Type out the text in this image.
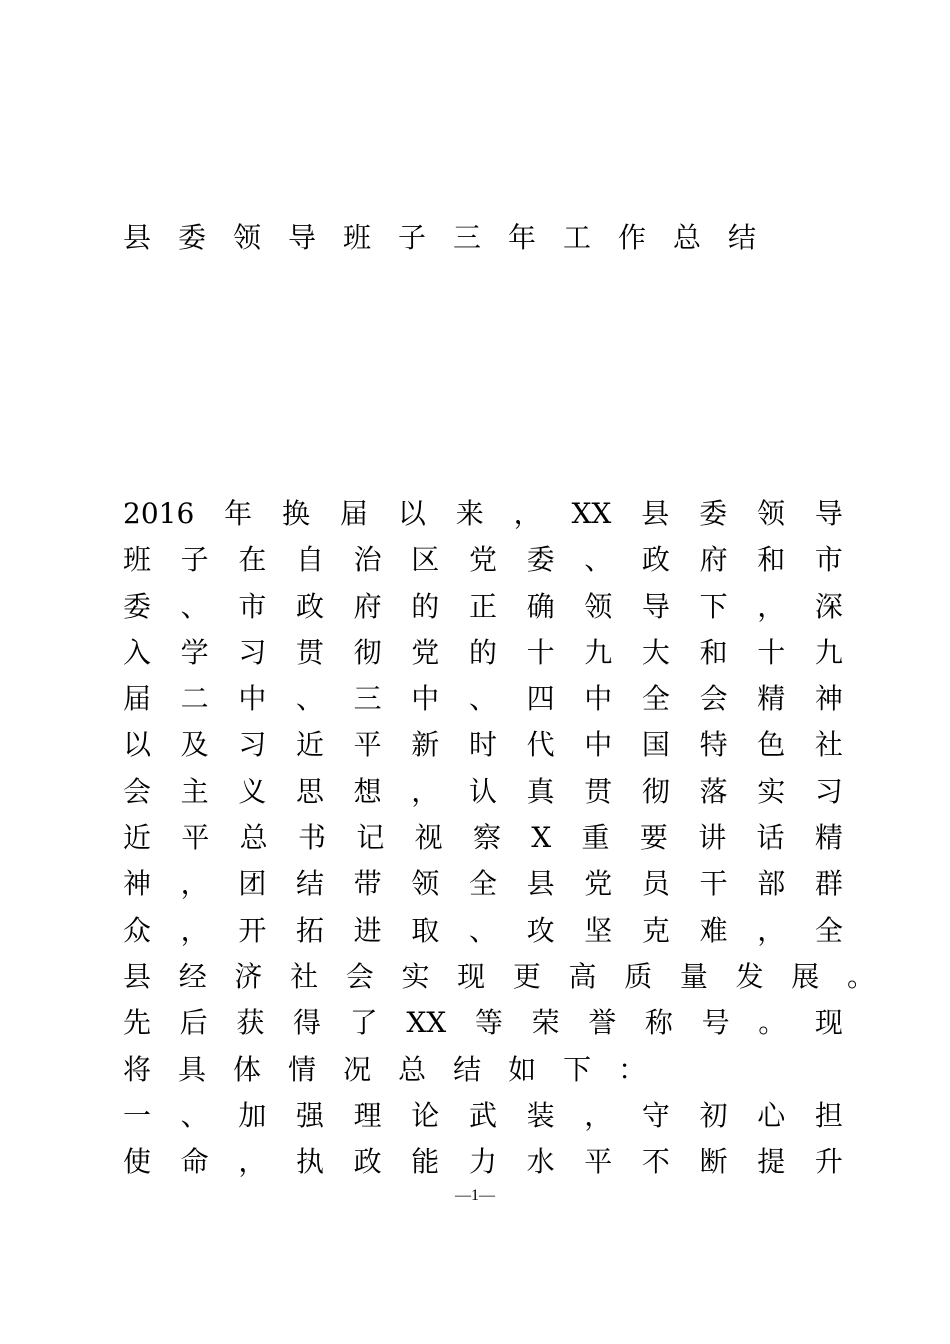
县委领导班子三年工作总结
2016 年 换 届 以 来 ， XX 县 委 领 导
班 子 在 自 治 区 党 委 、 政 府 和 市
委 、 市 政 府 的 正 确 领 导 下 ， 深
入 学 习 贯 彻 党 的 十 九 大 和 十 九
届 二 中 、 三 中 、 四 中 全 会 精 神
以 及 习 近 平 新 时 代 中 国 特 色 社
会 主 义 思 想 ， 认 真 贯 彻 落 实 习
近 平 总 书 记 视 察 X 重 要 讲 话 精
神 ， 团 结 带 领 全 县 党 员 干 部 群
众 ， 开 拓 进 取 、 攻 坚 克 难 ， 全
县 经 济 社 会 实 现 更 高 质 量 发 展 。
先 后 获 得 了 XX 等 荣 誉 称 号 。 现
将 具 体 情 况 总 结 如 下 ：
一 、 加 强 理 论 武 装 ， 守 初 心 担
使 命 ， 执 政 能 力 水 平 不 断 提 升
—1—
